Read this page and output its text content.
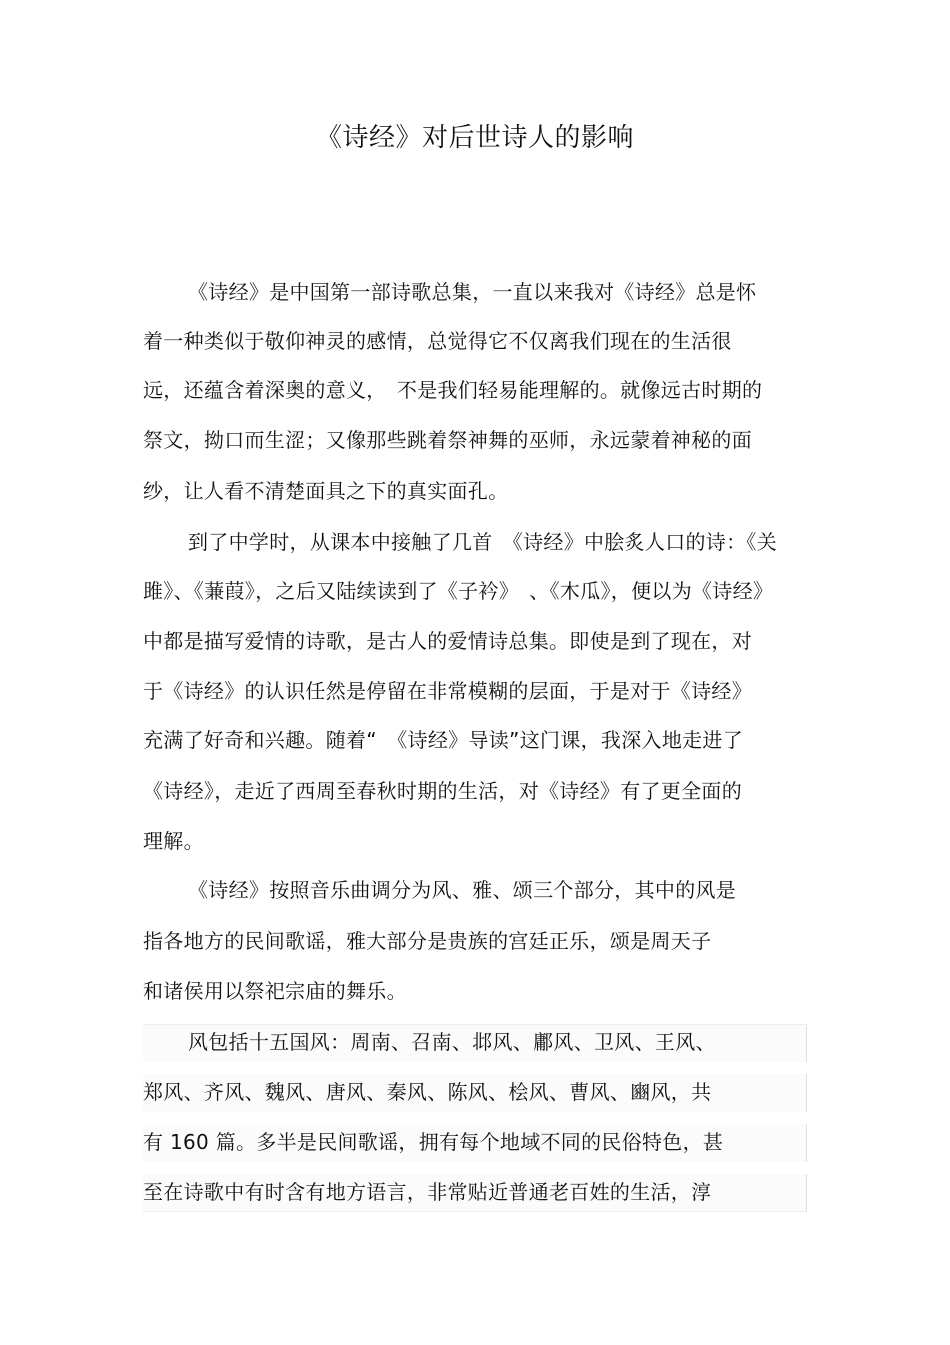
《诗经》对后世诗人的影响
《诗经》是中国第一部诗歌总集，一直以来我对《诗经》总是怀
着一种类似于敬仰神灵的感情，总觉得它不仅离我们现在的生活很
远，还蕴含着深奥的意义，　不是我们轻易能理解的。就像远古时期的
祭文，拗口而生涩；又像那些跳着祭神舞的巫师，永远蒙着神秘的面
纱，让人看不清楚面具之下的真实面孔。
到了中学时，从课本中接触了几首　《诗经》中脍炙人口的诗：《关
雎》、《蒹葭》，之后又陆续读到了《子衿》　、《木瓜》，便以为《诗经》
中都是描写爱情的诗歌，是古人的爱情诗总集。即使是到了现在，对
于《诗经》的认识任然是停留在非常模糊的层面，于是对于《诗经》
充满了好奇和兴趣。随着“　《诗经》导读”这门课，我深入地走进了
《诗经》，走近了西周至春秋时期的生活，对《诗经》有了更全面的
理解。
《诗经》按照音乐曲调分为风、雅、颂三个部分，其中的风是
指各地方的民间歌谣，雅大部分是贵族的宫廷正乐，颂是周天子
和诸侯用以祭祀宗庙的舞乐。
风包括十五国风：周南、召南、邶风、鄘风、卫风、王风、
郑风、齐风、魏风、唐风、秦风、陈风、桧风、曹风、豳风，共
有 160 篇。多半是民间歌谣，拥有每个地域不同的民俗特色，甚
至在诗歌中有时含有地方语言，非常贴近普通老百姓的生活，淳
